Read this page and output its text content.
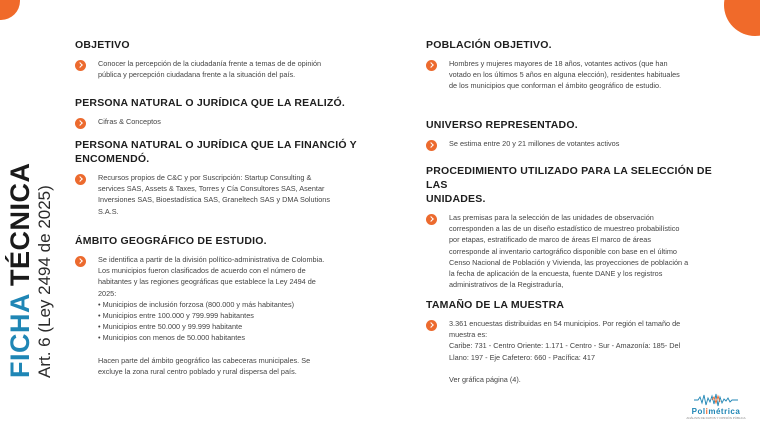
FICHA TÉCNICA Art. 6 (Ley 2494 de 2025)
OBJETIVO
Conocer la percepción de la ciudadanía frente a temas de de opinión
pública y percepción ciudadana frente a la situación del país.
PERSONA NATURAL O JURÍDICA QUE LA REALIZÓ.
Cifras & Conceptos
PERSONA NATURAL O JURÍDICA QUE LA FINANCIÓ Y
ENCOMENDÓ.
Recursos propios de C&C y por Suscripción: Startup Consulting &
services SAS, Assets & Taxes, Torres y Cía Consultores SAS, Asentar
Inversiones SAS, Bioestadística SAS, Graneltech SAS y DMA Solutions
S.A.S.
ÁMBITO GEOGRÁFICO DE ESTUDIO.
Se identifica a partir de la división político-administrativa de Colombia.
Los municipios fueron clasificados de acuerdo con el número de
habitantes y las regiones geográficas que establece la Ley 2494 de
2025:
• Municipios de inclusión forzosa (800.000 y más habitantes)
• Municipios entre 100.000 y 799.999 habitantes
• Municipios entre 50.000 y 99.999 habitante
• Municipios con menos de 50.000 habitantes
Hacen parte del ámbito geográfico las cabeceras municipales. Se
excluye la zona rural centro poblado y rural dispersa del país.
POBLACIÓN OBJETIVO.
Hombres y mujeres mayores de 18 años, votantes activos (que han
votado en los últimos 5 años en alguna elección), residentes habituales
de los municipios que conforman el ámbito geográfico de estudio.
UNIVERSO REPRESENTADO.
Se estima entre 20 y 21 millones de votantes activos
PROCEDIMIENTO UTILIZADO PARA LA SELECCIÓN DE LAS
UNIDADES.
Las premisas para la selección de las unidades de observación
corresponden a las de un diseño estadístico de muestreo probabilístico
por etapas, estratificado de marco de áreas El marco de áreas
corresponde al inventario cartográfico disponible con base en el último
Censo Nacional de Población y Vivienda, las proyecciones de población a
la fecha de aplicación de la encuesta, fuente DANE y los registros
administrativos de la Registraduría,
TAMAÑO DE LA MUESTRA
3.361 encuestas distribuidas en 54 municipios. Por región el tamaño de
muestra es:
Caribe: 731 - Centro Oriente: 1.171 - Centro - Sur - Amazonía: 185- Del
Llano: 197 - Eje Cafetero: 660 - Pacífica: 417
Ver gráfica página (4).
Polimétrica
ANÁLISIS DE DATOS Y OPINIÓN PÚBLICA
